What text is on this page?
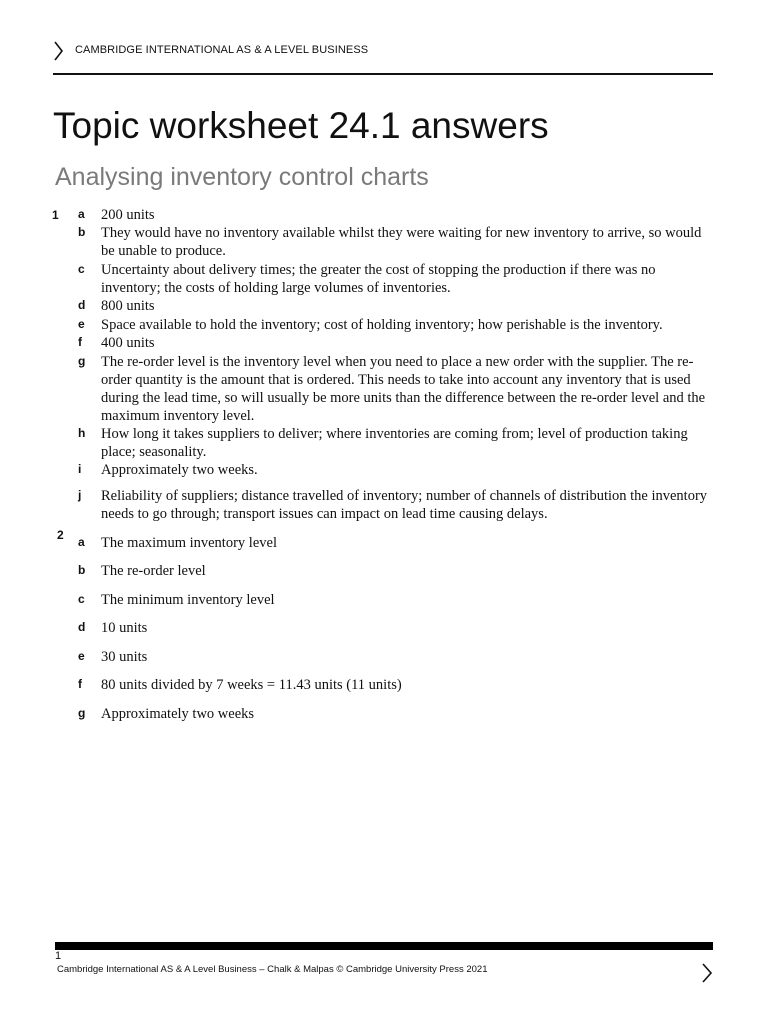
CAMBRIDGE INTERNATIONAL AS & A LEVEL BUSINESS
Topic worksheet 24.1 answers
Analysing inventory control charts
1 a	200 units
b	They would have no inventory available whilst they were waiting for new inventory to arrive, so would be unable to produce.
c	Uncertainty about delivery times; the greater the cost of stopping the production if there was no inventory; the costs of holding large volumes of inventories.
d	800 units
e	Space available to hold the inventory; cost of holding inventory; how perishable is the inventory.
f	400 units
g	The re-order level is the inventory level when you need to place a new order with the supplier. The re-order quantity is the amount that is ordered. This needs to take into account any inventory that is used during the lead time, so will usually be more units than the difference between the re-order level and the maximum inventory level.
h	How long it takes suppliers to deliver; where inventories are coming from; level of production taking place; seasonality.
i	Approximately two weeks.
j	Reliability of suppliers; distance travelled of inventory; number of channels of distribution the inventory needs to go through; transport issues can impact on lead time causing delays.
2 a	The maximum inventory level
b	The re-order level
c	The minimum inventory level
d	10 units
e	30 units
f	80 units divided by 7 weeks = 11.43 units (11 units)
g	Approximately two weeks
1
Cambridge International AS & A Level Business – Chalk & Malpas © Cambridge University Press 2021
